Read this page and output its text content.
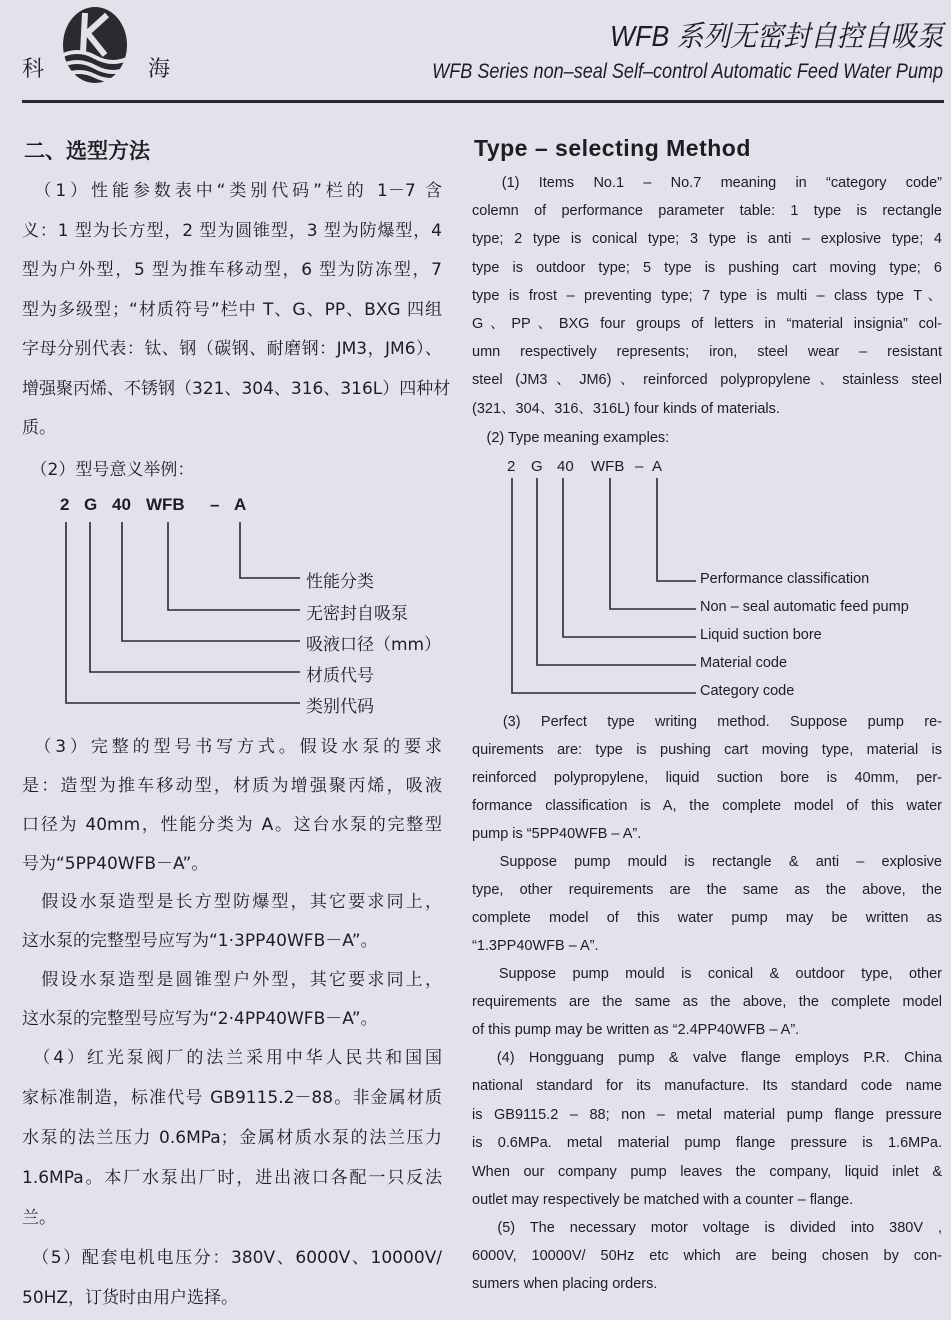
科	海
WFB 系列无密封自控自吸泵
WFB Series non–seal Self–control Automatic Feed Water Pump
二、选型方法	Type – selecting Method
　（1）性能参数表中“类别代码”栏的 1－7 含
义：1 型为长方型，2 型为圆锥型，3 型为防爆型，4
型为户外型，5 型为推车移动型，6 型为防冻型，7
型为多级型；“材质符号”栏中 T、G、PP、BXG 四组
字母分别代表：钛、钢（碳钢、耐磨钢：JM3，JM6）、
增强聚丙烯、不锈钢（321、304、316、316L）四种材
质。
　（3）完整的型号书写方式。假设水泵的要求
是：造型为推车移动型，材质为增强聚丙烯，吸液
口径为 40mm，性能分类为 A。这台水泵的完整型
号为“5PP40WFB－A”。
　假设水泵造型是长方型防爆型，其它要求同上，
这水泵的完整型号应写为“1·3PP40WFB－A”。
　假设水泵造型是圆锥型户外型，其它要求同上，
这水泵的完整型号应写为“2·4PP40WFB－A”。
　（4）红光泵阀厂的法兰采用中华人民共和国国
家标准制造，标准代号 GB9115.2－88。非金属材质
水泵的法兰压力 0.6MPa；金属材质水泵的法兰压力
1.6MPa。本厂水泵出厂时，进出液口各配一只反法
兰。
　（5）配套电机电压分：380V、6000V、10000V/
50HZ，订货时由用户选择。
　（2）型号意义举例：
2 G 40 WFB – A
性能分类
无密封自吸泵
吸液口径（mm）
材质代号
类别代码
　(1) Items No.1 – No.7 meaning in “category code”
colemn of performance parameter table: 1 type is rectangle
type; 2 type is conical type; 3 type is anti – explosive type; 4
type is outdoor type; 5 type is pushing cart moving type; 6
type is frost – preventing type; 7 type is multi – class type T、
G、PP、BXG four groups of letters in “material insignia” col-
umn respectively represents; iron, steel wear – resistant
steel (JM3、JM6)、reinforced polypropylene、stainless steel
(321、304、316、316L) four kinds of materials.
　(3) Perfect type writing method. Suppose pump re-
quirements are: type is pushing cart moving type, material is
reinforced polypropylene, liquid suction bore is 40mm, per-
formance classification is A, the complete model of this water
pump is “5PP40WFB – A”.
　Suppose pump mould is rectangle & anti – explosive
type, other requirements are the same as the above, the
complete model of this water pump may be written as
“1.3PP40WFB – A”.
　Suppose pump mould is conical & outdoor type, other
requirements are the same as the above, the complete model
of this pump may be written as “2.4PP40WFB – A”.
　(4) Hongguang pump & valve flange employs P.R. China
national standard for its manufacture. Its standard code name
is GB9115.2 – 88; non – metal material pump flange pressure
is 0.6MPa. metal material pump flange pressure is 1.6MPa.
When our company pump leaves the company, liquid inlet &
outlet may respectively be matched with a counter – flange.
　(5) The necessary motor voltage is divided into 380V ,
6000V, 10000V/ 50Hz etc which are being chosen by con-
sumers when placing orders.
　(2) Type meaning examples:
2 G 40 WFB – A
Performance classification
Non – seal automatic feed pump
Liquid suction bore
Material code
Category code
